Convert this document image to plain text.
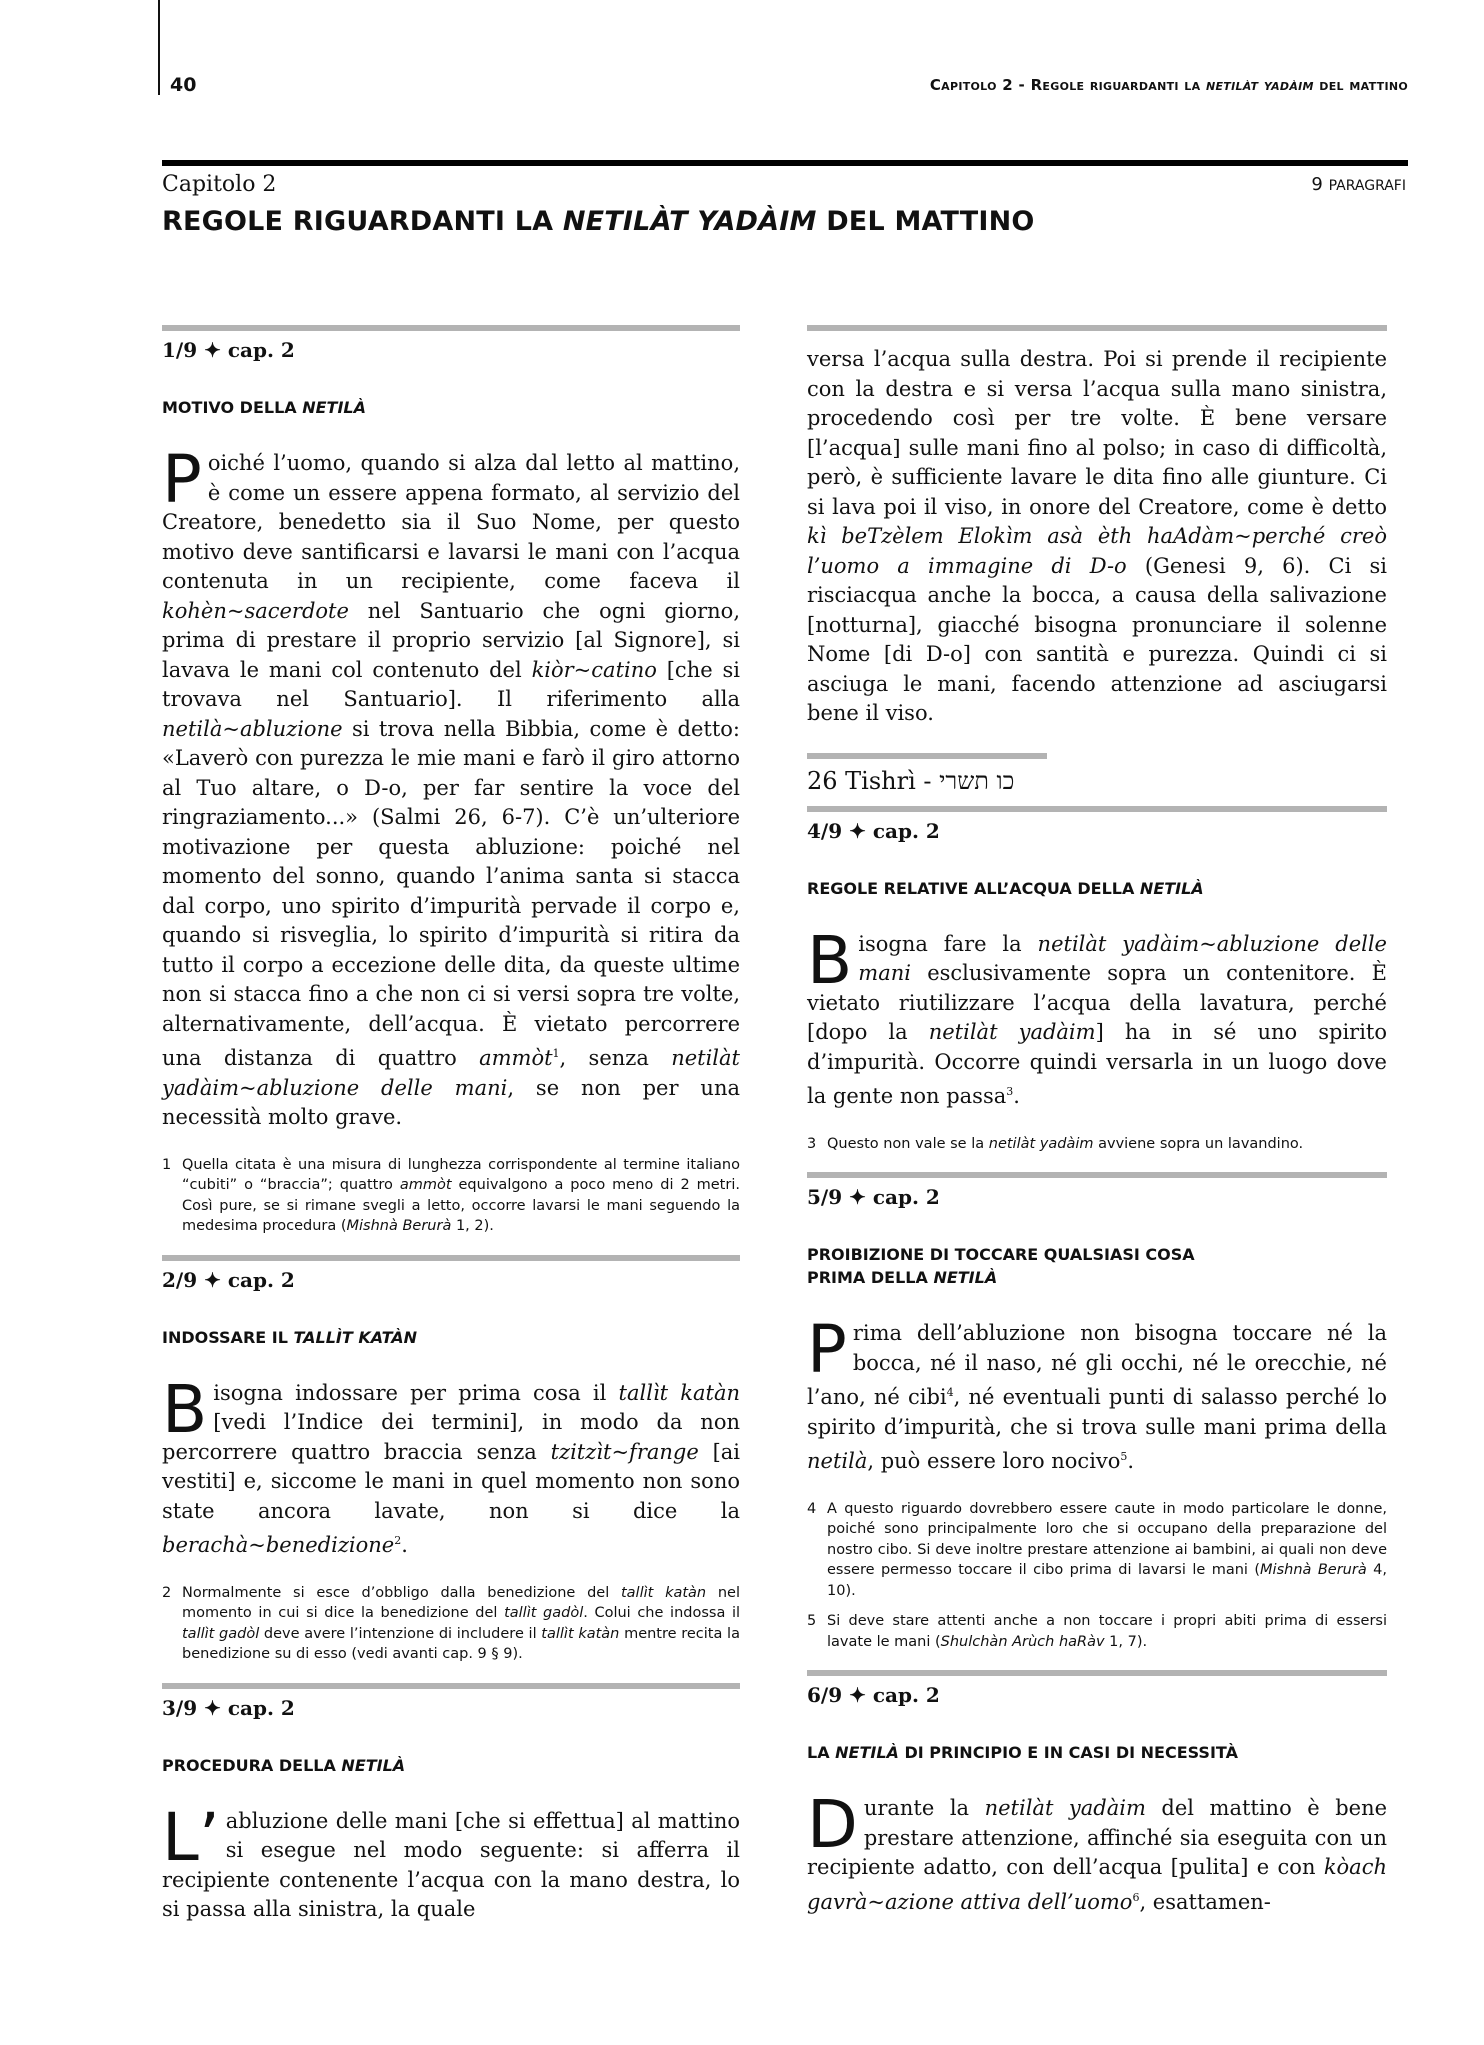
40	Capitolo 2 - Regole riguardanti la netilàt yadàim del mattino
Capitolo 2	9 PARAGRAFI
REGOLE RIGUARDANTI LA NETILÀT YADÀIM DEL MATTINO
1/9 ✦ cap. 2
MOTIVO DELLA NETILÀ
Poiché l’uomo, quando si alza dal letto al mattino, è come un essere appena formato, al servizio del Creatore, benedetto sia il Suo Nome, per questo motivo deve santificarsi e lavarsi le mani con l’acqua contenuta in un recipiente, come faceva il kohèn~sacerdote nel Santuario che ogni giorno, prima di prestare il proprio servizio [al Signore], si lavava le mani col contenuto del kiòr~catino [che si trovava nel Santuario]. Il riferimento alla netilà~abluzione si trova nella Bibbia, come è detto: «Laverò con purezza le mie mani e farò il giro attorno al Tuo altare, o D-o, per far sentire la voce del ringraziamento...» (Salmi 26, 6-7). C’è un’ulteriore motivazione per questa abluzione: poiché nel momento del sonno, quando l’anima santa si stacca dal corpo, uno spirito d’impurità pervade il corpo e, quando si risveglia, lo spirito d’impurità si ritira da tutto il corpo a eccezione delle dita, da queste ultime non si stacca fino a che non ci si versi sopra tre volte, alternativamente, dell’acqua. È vietato percorrere una distanza di quattro ammòt$^1$, senza netilàt yadàim~abluzione delle mani, se non per una necessità molto grave.
1 Quella citata è una misura di lunghezza corrispondente al termine italiano “cubiti” o “braccia”; quattro ammòt equivalgono a poco meno di 2 metri. Così pure, se si rimane svegli a letto, occorre lavarsi le mani seguendo la medesima procedura (Mishnà Berurà 1, 2).
2/9 ✦ cap. 2
INDOSSARE IL TALLÌT KATÀN
Bisogna indossare per prima cosa il tallìt katàn [vedi l’Indice dei termini], in modo da non percorrere quattro braccia senza tzitzìt~frange [ai vestiti] e, siccome le mani in quel momento non sono state ancora lavate, non si dice la berachà~benedizione$^2$.
2 Normalmente si esce d’obbligo dalla benedizione del tallìt katàn nel momento in cui si dice la benedizione del tallìt gadòl. Colui che indossa il tallìt gadòl deve avere l’intenzione di includere il tallìt katàn mentre recita la benedizione su di esso (vedi avanti cap. 9 § 9).
3/9 ✦ cap. 2
PROCEDURA DELLA NETILÀ
L’ abluzione delle mani [che si effettua] al mattino si esegue nel modo seguente: si afferra il recipiente contenente l’acqua con la mano destra, lo si passa alla sinistra, la quale
versa l’acqua sulla destra. Poi si prende il recipiente con la destra e si versa l’acqua sulla mano sinistra, procedendo così per tre volte. È bene versare [l’acqua] sulle mani fino al polso; in caso di difficoltà, però, è sufficiente lavare le dita fino alle giunture. Ci si lava poi il viso, in onore del Creatore, come è detto kì beTzèlem Elokìm asà èth haAdàm~perché creò l’uomo a immagine di D-o (Genesi 9, 6). Ci si risciacqua anche la bocca, a causa della salivazione [notturna], giacché bisogna pronunciare il solenne Nome [di D-o] con santità e purezza. Quindi ci si asciuga le mani, facendo attenzione ad asciugarsi bene il viso.
26 Tishrì - כו תשרי
4/9 ✦ cap. 2
REGOLE RELATIVE ALL’ACQUA DELLA NETILÀ
Bisogna fare la netilàt yadàim~abluzione delle mani esclusivamente sopra un contenitore. È vietato riutilizzare l’acqua della lavatura, perché [dopo la netilàt yadàim] ha in sé uno spirito d’impurità. Occorre quindi versarla in un luogo dove la gente non passa$^3$.
3 Questo non vale se la netilàt yadàim avviene sopra un lavandino.
5/9 ✦ cap. 2
PROIBIZIONE DI TOCCARE QUALSIASI COSA
PRIMA DELLA NETILÀ
Prima dell’abluzione non bisogna toccare né la bocca, né il naso, né gli occhi, né le orecchie, né l’ano, né cibi$^4$, né eventuali punti di salasso perché lo spirito d’impurità, che si trova sulle mani prima della netilà, può essere loro nocivo$^5$.
4 A questo riguardo dovrebbero essere caute in modo particolare le donne, poiché sono principalmente loro che si occupano della preparazione del nostro cibo. Si deve inoltre prestare attenzione ai bambini, ai quali non deve essere permesso toccare il cibo prima di lavarsi le mani (Mishnà Berurà 4, 10).
5 Si deve stare attenti anche a non toccare i propri abiti prima di essersi lavate le mani (Shulchàn Arùch haRàv 1, 7).
6/9 ✦ cap. 2
LA NETILÀ DI PRINCIPIO E IN CASI DI NECESSITÀ
Durante la netilàt yadàim del mattino è bene prestare attenzione, affinché sia eseguita con un recipiente adatto, con dell’acqua [pulita] e con kòach gavrà~azione attiva dell’uomo$^6$, esattamen-
